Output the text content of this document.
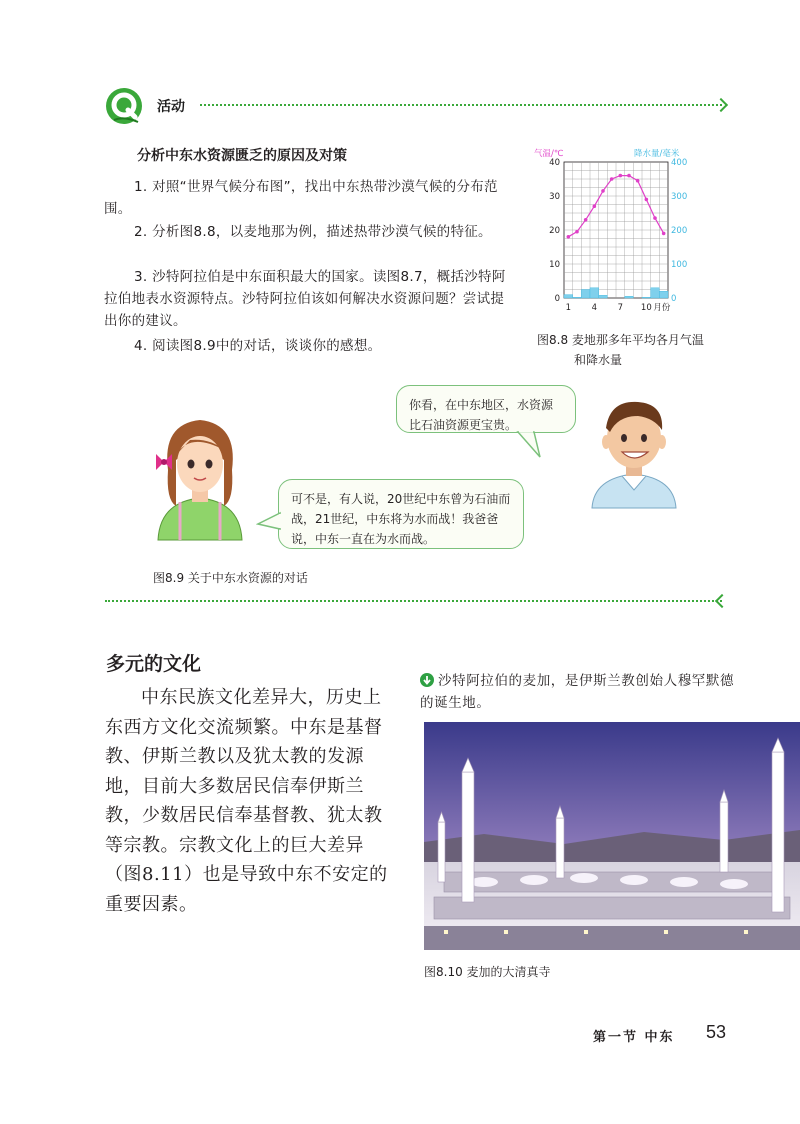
活动
分析中东水资源匮乏的原因及对策
1. 对照“世界气候分布图”，找出中东热带沙漠气候的分布范围。
2. 分析图8.8，以麦地那为例，描述热带沙漠气候的特征。
3. 沙特阿拉伯是中东面积最大的国家。读图8.7，概括沙特阿拉伯地表水资源特点。沙特阿拉伯该如何解决水资源问题？尝试提出你的建议。
4. 阅读图8.9中的对话，谈谈你的感想。
气温/℃	降水量/毫米
40
30
20
10
0
400
300
200
100
0
1 4 7 10 月份
图8.8 麦地那多年平均各月气温
和降水量
你看，在中东地区，水资源比石油资源更宝贵。
可不是，有人说，20世纪中东曾为石油而战，21世纪，中东将为水而战！我爸爸说，中东一直在为水而战。
图8.9 关于中东水资源的对话
多元的文化
中东民族文化差异大，历史上东西方文化交流频繁。中东是基督教、伊斯兰教以及犹太教的发源地，目前大多数居民信奉伊斯兰教，少数居民信奉基督教、犹太教等宗教。宗教文化上的巨大差异（图8.11）也是导致中东不安定的重要因素。
沙特阿拉伯的麦加，是伊斯兰教创始人穆罕默德的诞生地。
图8.10 麦加的大清真寺
第一节 中东 53
